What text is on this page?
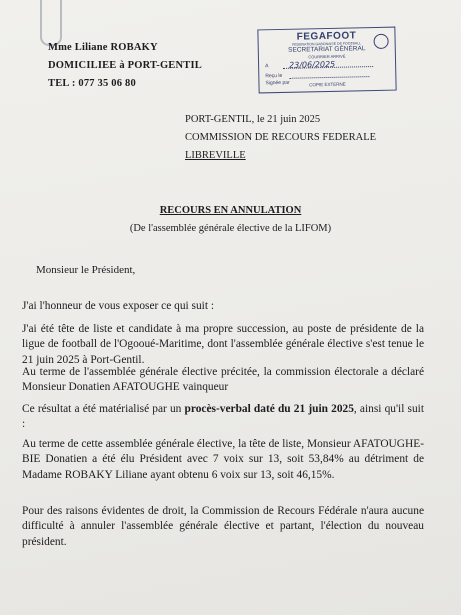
Mme Liliane ROBAKY
DOMICILIEE à PORT-GENTIL
TEL : 077 35 06 80
FEGAFOOT
FEDERATION GABONAISE DE FOOTBALL
SECRETARIAT GÉNÉRAL
COURRIER ARRIVÉ
A
Reçu le
Signée par
23/06/2025
COPIE EXTERNE
PORT-GENTIL, le 21 juin 2025
COMMISSION DE RECOURS FEDERALE
LIBREVILLE
RECOURS EN ANNULATION
(De l'assemblée générale élective de la LIFOM)
Monsieur le Président,

J'ai l'honneur de vous exposer ce qui suit :

J'ai été tête de liste et candidate à ma propre succession, au poste de présidente de la ligue de football de l'Ogooué-Maritime, dont l'assemblée générale élective s'est tenue le 21 juin 2025 à Port-Gentil.

Au terme de l'assemblée générale élective précitée, la commission électorale a déclaré Monsieur Donatien AFATOUGHE vainqueur

Ce résultat a été matérialisé par un procès-verbal daté du 21 juin 2025, ainsi qu'il suit :

Au terme de cette assemblée générale élective, la tête de liste, Monsieur AFATOUGHE-BIE Donatien a été élu Président avec 7 voix sur 13, soit 53,84% au détriment de Madame ROBAKY Liliane ayant obtenu 6 voix sur 13, soit 46,15%.

Pour des raisons évidentes de droit, la Commission de Recours Fédérale n'aura aucune difficulté à annuler l'assemblée générale élective et partant, l'élection du nouveau président.
